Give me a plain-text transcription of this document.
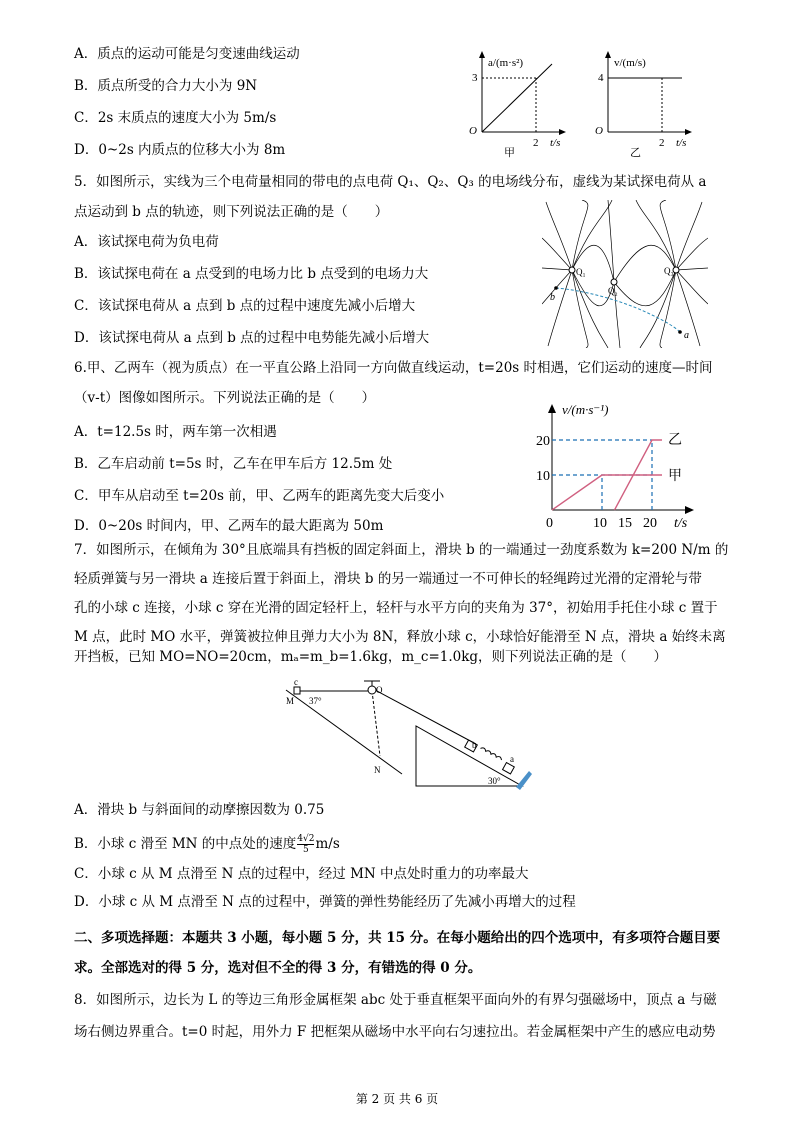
A．质点的运动可能是匀变速曲线运动
B．质点所受的合力大小为 9N
C．2s 末质点的速度大小为 5m/s
D．0~2s 内质点的位移大小为 8m
a/(m·s²)
3
2 t/s
O
甲
v/(m/s)
4
2 t/s
O
乙
5．如图所示，实线为三个电荷量相同的带电的点电荷 Q₁、Q₂、Q₃ 的电场线分布，虚线为某试探电荷从 a
点运动到 b 点的轨迹，则下列说法正确的是（　　）
A．该试探电荷为负电荷
B．该试探电荷在 a 点受到的电场力比 b 点受到的电场力大
C．该试探电荷从 a 点到 b 点的过程中速度先减小后增大
D．该试探电荷从 a 点到 b 点的过程中电势能先减小后增大
Q₁
Q₂
Q₃
a
b
6.甲、乙两车（视为质点）在一平直公路上沿同一方向做直线运动，t=20s 时相遇，它们运动的速度—时间
（v-t）图像如图所示。下列说法正确的是（　　）
A．t=12.5s 时，两车第一次相遇
B．乙车启动前 t=5s 时，乙车在甲车后方 12.5m 处
C．甲车从启动至 t=20s 前，甲、乙两车的距离先变大后变小
D．0~20s 时间内，甲、乙两车的最大距离为 50m
v/(m·s⁻¹)
20
10
0	10 15 20 t/s
乙
甲
7．如图所示，在倾角为 30°且底端具有挡板的固定斜面上，滑块 b 的一端通过一劲度系数为 k=200 N/m 的
轻质弹簧与另一滑块 a 连接后置于斜面上，滑块 b 的另一端通过一不可伸长的轻绳跨过光滑的定滑轮与带
孔的小球 c 连接，小球 c 穿在光滑的固定轻杆上，轻杆与水平方向的夹角为 37°，初始用手托住小球 c 置于
M 点，此时 MO 水平，弹簧被拉伸且弹力大小为 8N，释放小球 c，小球恰好能滑至 N 点，滑块 a 始终未离
开挡板，已知 MO=NO=20cm，mₐ=m_b=1.6kg，m_c=1.0kg，则下列说法正确的是（　　）
c
M 37°
O
N
b
a
30°
A．滑块 b 与斜面间的动摩擦因数为 0.75
B．小球 c 滑至 MN 的中点处的速度 $\frac{4√2}{5} m/s$
C．小球 c 从 M 点滑至 N 点的过程中，经过 MN 中点处时重力的功率最大
D．小球 c 从 M 点滑至 N 点的过程中，弹簧的弹性势能经历了先减小再增大的过程
二、多项选择题：本题共 3 小题，每小题 5 分，共 15 分。在每小题给出的四个选项中，有多项符合题目要
求。全部选对的得 5 分，选对但不全的得 3 分，有错选的得 0 分。
8．如图所示，边长为 L 的等边三角形金属框架 abc 处于垂直框架平面向外的有界匀强磁场中，顶点 a 与磁
场右侧边界重合。t=0 时起，用外力 F 把框架从磁场中水平向右匀速拉出。若金属框架中产生的感应电动势
第 2 页 共 6 页
